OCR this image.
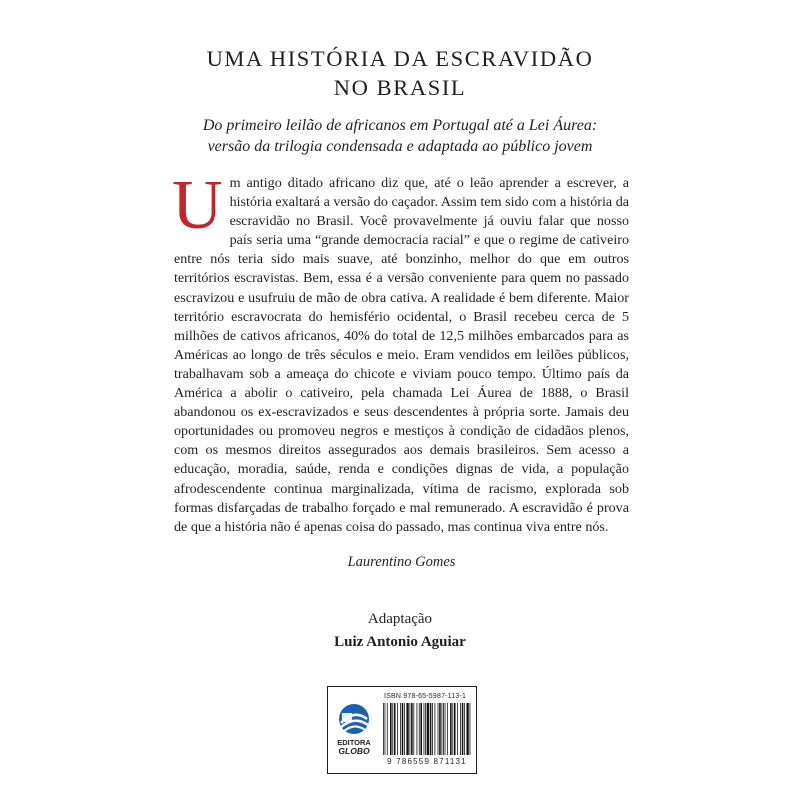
UMA HISTÓRIA DA ESCRAVIDÃO
NO BRASIL
Do primeiro leilão de africanos em Portugal até a Lei Áurea:
versão da trilogia condensada e adaptada ao público jovem

U m antigo ditado africano diz que, até o leão aprender a escrever, a história exaltará a versão do caçador. Assim tem sido com a história da escravidão no Brasil. Você provavelmente já ouviu falar que nosso país seria uma “grande democracia racial” e que o regime de cativeiro entre nós teria sido mais suave, até bonzinho, melhor do que em outros territórios escravistas. Bem, essa é a versão conveniente para quem no passado escravizou e usufruiu de mão de obra cativa. A realidade é bem diferente. Maior território escravocrata do hemisfério ocidental, o Brasil recebeu cerca de 5 milhões de cativos africanos, 40% do total de 12,5 milhões embarcados para as Américas ao longo de três séculos e meio. Eram vendidos em leilões públicos, trabalhavam sob a ameaça do chicote e viviam pouco tempo. Último país da América a abolir o cativeiro, pela chamada Lei Áurea de 1888, o Brasil abandonou os ex-escravizados e seus descendentes à própria sorte. Jamais deu oportunidades ou promoveu negros e mestiços à condição de cidadãos plenos, com os mesmos direitos assegurados aos demais brasileiros. Sem acesso a educação, moradia, saúde, renda e condições dignas de vida, a população afrodescendente continua marginalizada, vítima de racismo, explorada sob formas disfarçadas de trabalho forçado e mal remunerado. A escravidão é prova de que a história não é apenas coisa do passado, mas continua viva entre nós.

Laurentino Gomes
Adaptação
Luiz Antonio Aguiar
EDITORA
GLOBO
ISBN 978-65-5987-113-1
9 786559 871131
